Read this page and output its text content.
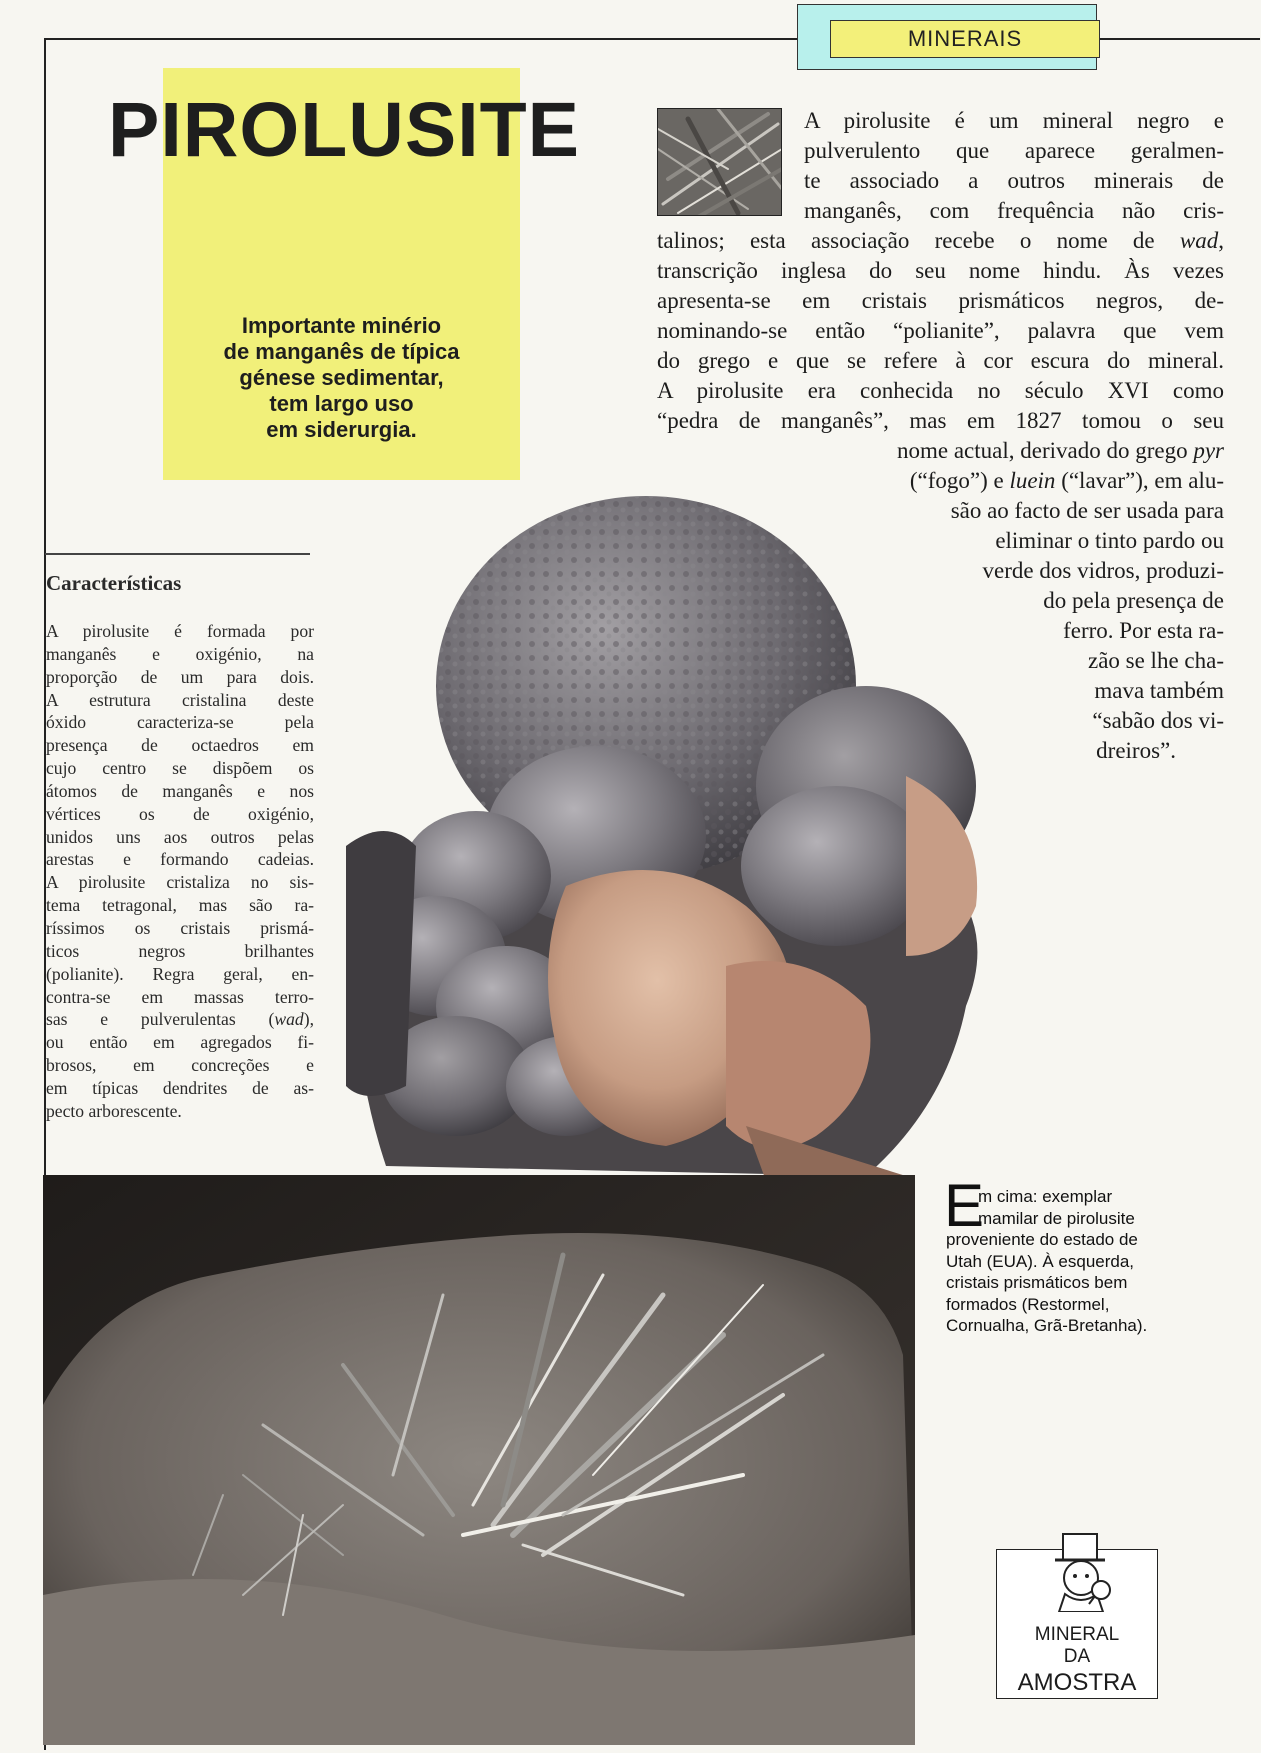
MINERAIS
PIROLUSITE

Importante minério
de manganês de típica
génese sedimentar,
tem largo uso
em siderurgia.

A pirolusite é um mineral negro e
pulverulento que aparece geralmen-
te associado a outros minerais de
manganês, com frequência não cris-
talinos; esta associação recebe o nome de wad,
transcrição inglesa do seu nome hindu. Às vezes
apresenta-se em cristais prismáticos negros, de-
nominando-se então “polianite”, palavra que vem
do grego e que se refere à cor escura do mineral.
A pirolusite era conhecida no século XVI como
“pedra de manganês”, mas em 1827 tomou o seu
nome actual, derivado do grego pyr
(“fogo”) e luein (“lavar”), em alu-
são ao facto de ser usada para
eliminar o tinto pardo ou
verde dos vidros, produzi-
do pela presença de
ferro. Por esta ra-
zão se lhe cha-
mava também
“sabão dos vi-
dreiros”.
Características
A pirolusite é formada por
manganês e oxigénio, na
proporção de um para dois.
A estrutura cristalina deste
óxido caracteriza-se pela
presença de octaedros em
cujo centro se dispõem os
átomos de manganês e nos
vértices os de oxigénio,
unidos uns aos outros pelas
arestas e formando cadeias.
A pirolusite cristaliza no sis-
tema tetragonal, mas são ra-
ríssimos os cristais prismá-
ticos negros brilhantes
(polianite). Regra geral, en-
contra-se em massas terro-
sas e pulverulentas (wad),
ou então em agregados fi-
brosos, em concreções e
em típicas dendrites de as-
pecto arborescente.
E
m cima: exemplar
mamilar de pirolusite
proveniente do estado de
Utah (EUA). À esquerda,
cristais prismáticos bem
formados (Restormel,
Cornualha, Grã-Bretanha).
MINERAL
DA
AMOSTRA
